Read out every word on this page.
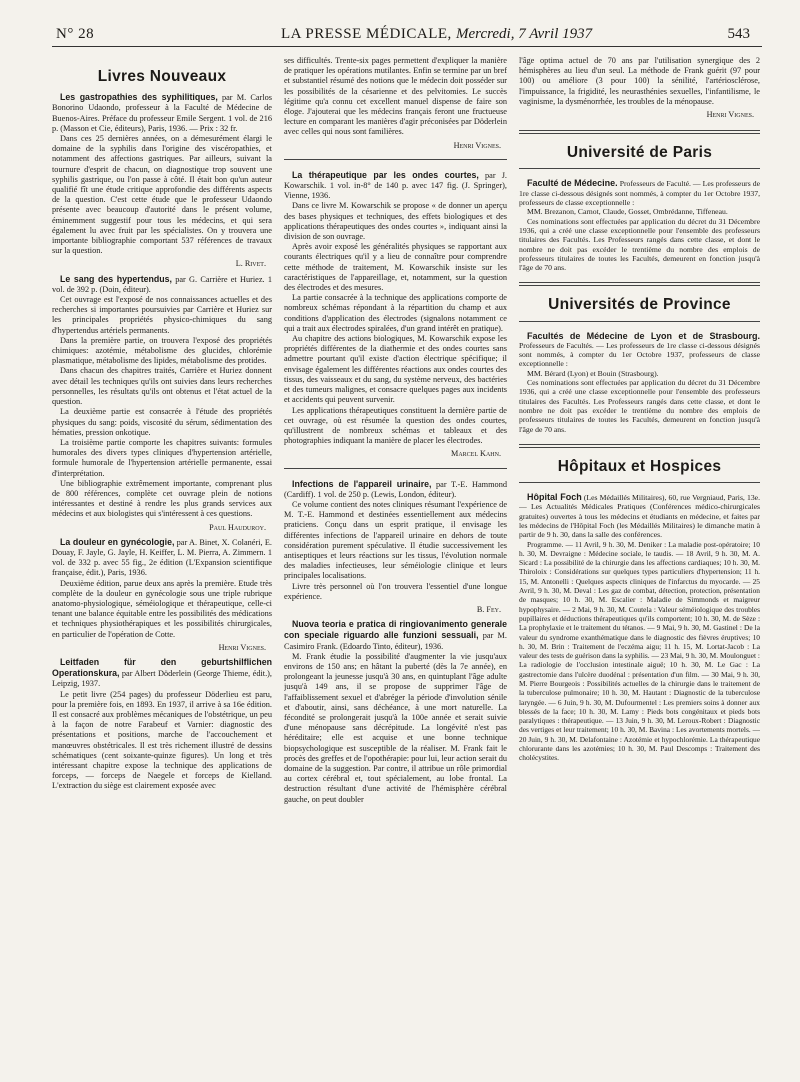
N° 28	LA PRESSE MÉDICALE, Mercredi, 7 Avril 1937	543
Livres Nouveaux

Les gastropathies des syphilitiques, par M. Carlos Bonorino Udaondo, professeur à la Faculté de Médecine de Buenos-Aires. Préface du professeur Emile Sergent. 1 vol. de 216 p. (Masson et Cie, éditeurs), Paris, 1936. — Prix : 32 fr.

Dans ces 25 dernières années, on a démesurément élargi le domaine de la syphilis dans l'origine des viscéropathies, et notamment des affections gastriques. Par ailleurs, suivant la tournure d'esprit de chacun, on diagnostique trop souvent une syphilis gastrique, ou l'on passe à côté. Il était bon qu'un auteur qualifié fît une étude critique approfondie des différents aspects de la question. C'est cette étude que le professeur Udaondo présente avec beaucoup d'autorité dans le présent volume, éminemment suggestif pour tous les médecins, et qui sera également lu avec fruit par les spécialistes. On y trouvera une importante bibliographie comportant 537 références de travaux sur la question.

L. Rivet.

Le sang des hypertendus, par G. Carrière et Huriez. 1 vol. de 392 p. (Doin, éditeur).

Cet ouvrage est l'exposé de nos connaissances actuelles et des recherches si importantes poursuivies par Carrière et Huriez sur les principales propriétés physico-chimiques du sang d'hypertendus artériels permanents.

Dans la première partie, on trouvera l'exposé des propriétés chimiques: azotémie, métabolisme des glucides, chlorémie plasmatique, métabolisme des lipides, métabolisme des protides.

Dans chacun des chapitres traités, Carrière et Huriez donnent avec détail les techniques qu'ils ont suivies dans leurs recherches personnelles, les résultats qu'ils ont obtenus et l'état actuel de la question.

La deuxième partie est consacrée à l'étude des propriétés physiques du sang: poids, viscosité du sérum, sédimentation des hématies, pression onkotique.

La troisième partie comporte les chapitres suivants: formules humorales des divers types cliniques d'hypertension artérielle, formule humorale de l'hypertension artérielle permanente, essai d'interprétation.

Une bibliographie extrêmement importante, comprenant plus de 800 références, complète cet ouvrage plein de notions intéressantes et destiné à rendre les plus grands services aux médecins et aux biologistes qui s'intéressent à ces questions.

Paul Hauduroy.

La douleur en gynécologie, par A. Binet, X. Colanéri, E. Douay, F. Jayle, G. Jayle, H. Keiffer, L. M. Pierra, A. Zimmern. 1 vol. de 332 p. avec 55 fig., 2e édition (L'Expansion scientifique française, édit.), Paris, 1936.

Deuxième édition, parue deux ans après la première. Etude très complète de la douleur en gynécologie sous une triple rubrique anatomo-physiologique, séméiologique et thérapeutique, celle-ci tenant une balance équitable entre les possibilités des médications et techniques physiothérapiques et les possibilités chirurgicales, en particulier de l'opération de Cotte.

Henri Vignes.

Leitfaden für den geburtshilflichen Operationskura, par Albert Döderlein (George Thieme, édit.), Leipzig, 1937.

Le petit livre (254 pages) du professeur Döderlieu est paru, pour la première fois, en 1893. En 1937, il arrive à sa 16e édition. Il est consacré aux problèmes mécaniques de l'obstétrique, un peu à la façon de notre Farabeuf et Varnier: diagnostic des présentations et positions, marche de l'accouchement et manœuvres obstétricales. Il est très richement illustré de dessins schématiques (cent soixante-quinze figures). Un long et très intéressant chapitre expose la technique des applications de forceps, — forceps de Naegele et forceps de Kielland. L'extraction du siège est clairement exposée avec

ses difficultés. Trente-six pages permettent d'expliquer la manière de pratiquer les opérations mutilantes. Enfin se termine par un bref et substantiel résumé des notions que le médecin doit posséder sur les possibilités de la césarienne et des pelvitomies. Le succès légitime qu'a connu cet excellent manuel dispense de faire son éloge. J'ajouterai que les médecins français feront une fructueuse lecture en comparant les manières d'agir préconisées par Döderlein avec celles qui nous sont familières.

Henri Vignes.

La thérapeutique par les ondes courtes, par J. Kowarschik. 1 vol. in-8° de 140 p. avec 147 fig. (J. Springer), Vienne, 1936.

Dans ce livre M. Kowarschik se propose « de donner un aperçu des bases physiques et techniques, des effets biologiques et des applications thérapeutiques des ondes courtes », indiquant ainsi la division de son ouvrage.

Après avoir exposé les généralités physiques se rapportant aux courants électriques qu'il y a lieu de connaître pour comprendre cette méthode de traitement, M. Kowarschik insiste sur les caractéristiques de l'appareillage, et, notamment, sur la question des électrodes et des mesures.

La partie consacrée à la technique des applications comporte de nombreux schémas répondant à la répartition du champ et aux conditions d'application des électrodes (signalons notamment ce qui a trait aux électrodes spiralées, d'un grand intérêt en pratique).

Au chapitre des actions biologiques, M. Kowarschik expose les propriétés différentes de la diathermie et des ondes courtes sans admettre pourtant qu'il existe d'action électrique spécifique; il envisage également les différentes réactions aux ondes courtes des tissus, des vaisseaux et du sang, du système nerveux, des bactéries et des tumeurs malignes, et consacre quelques pages aux incidents et accidents qui peuvent survenir.

Les applications thérapeutiques constituent la dernière partie de cet ouvrage, où est résumée la question des ondes courtes, qu'illustrent de nombreux schémas et tableaux et des photographies indiquant la manière de placer les électrodes.

Marcel Kahn.

Infections de l'appareil urinaire, par T.-E. Hammond (Cardiff). 1 vol. de 250 p. (Lewis, London, éditeur).

Ce volume contient des notes cliniques résumant l'expérience de M. T.-E. Hammond et destinées essentiellement aux médecins praticiens. Conçu dans un esprit pratique, il envisage les différentes infections de l'appareil urinaire en dehors de toute considération purement spéculative. Il étudie successivement les antiseptiques et leurs réactions sur les tissus, l'évolution normale des maladies infectieuses, leur séméiologie clinique et leurs principales localisations.

Livre très personnel où l'on trouvera l'essentiel d'une longue expérience.

B. Fey.

Nuova teoria e pratica di ringiovanimento generale con speciale riguardo alle funzioni sessuali, par M. Casimiro Frank. (Edoardo Tinto, éditeur), 1936.

M. Frank étudie la possibilité d'augmenter la vie jusqu'aux environs de 150 ans; en hâtant la puberté (dès la 7e année), en prolongeant la jeunesse jusqu'à 30 ans, en quintuplant l'âge adulte jusqu'à 149 ans, il se propose de supprimer l'âge de l'affaiblissement sexuel et d'abréger la période d'involution sénile et d'aboutir, ainsi, sans déchéance, à une mort naturelle. La fécondité se prolongerait jusqu'à la 100e année et serait suivie d'une ménopause sans décrépitude. La longévité n'est pas héréditaire; elle est acquise et une bonne technique biopsychologique est susceptible de la réaliser. M. Frank fait le procès des greffes et de l'opothérapie: pour lui, leur action serait du domaine de la suggestion. Par contre, il attribue un rôle primordial au cortex cérébral et, tout spécialement, au lobe frontal. La destruction résultant d'une activité de l'hémisphère cérébral gauche, on peut doubler

l'âge optima actuel de 70 ans par l'utilisation synergique des 2 hémisphères au lieu d'un seul. La méthode de Frank guérit (97 pour 100) ou améliore (3 pour 100) la sénilité, l'artériosclérose, l'impuissance, la frigidité, les neurasthénies sexuelles, l'infantilisme, le vaginisme, la dysménorrhée, les troubles de la ménopause.

Henri Vignes.
Université de Paris

Faculté de Médecine. Professeurs de Faculté. — Les professeurs de 1re classe ci-dessous désignés sont nommés, à compter du 1er Octobre 1937, professeurs de classe exceptionnelle :

MM. Brezanon, Carnot, Claude, Gosset, Ombrédanne, Tiffeneau.

Ces nominations sont effectuées par application du décret du 31 Décembre 1936, qui a créé une classe exceptionnelle pour l'ensemble des professeurs titulaires des Facultés. Les Professeurs rangés dans cette classe, et dont le nombre ne doit pas excéder le trentième du nombre des emplois de professeurs titulaires de toutes les Facultés, demeurent en fonction jusqu'à l'âge de 70 ans.

Universités de Province

Facultés de Médecine de Lyon et de Strasbourg. Professeurs de Facultés. — Les professeurs de 1re classe ci-dessous désignés sont nommés, à compter du 1er Octobre 1937, professeurs de classe exceptionnelle :

MM. Bérard (Lyon) et Bouin (Strasbourg).

Ces nominations sont effectuées par application du décret du 31 Décembre 1936, qui a créé une classe exceptionnelle pour l'ensemble des professeurs titulaires des Facultés. Les Professeurs rangés dans cette classe, et dont le nombre ne doit pas excéder le trentième du nombre des emplois de professeurs titulaires de toutes les Facultés, demeurent en fonction jusqu'à l'âge de 70 ans.

Hôpitaux et Hospices

Hôpital Foch (Les Médaillés Militaires), 60, rue Vergniaud, Paris, 13e. — Les Actualités Médicales Pratiques (Conférences médico-chirurgicales gratuites) ouvertes à tous les médecins et étudiants en médecine, et faites par les médecins de l'Hôpital Foch (les Médaillés Militaires) le dimanche matin à partir de 9 h. 30, dans la salle des conférences.

Programme. — 11 Avril, 9 h. 30, M. Deniker : La maladie post-opératoire; 10 h. 30, M. Devraigne : Médecine sociale, le taudis. — 18 Avril, 9 h. 30, M. A. Sicard : La possibilité de la chirurgie dans les affections cardiaques; 10 h. 30, M. Thiroloix : Considérations sur quelques types particuliers d'hypertension; 11 h. 15, M. Antonelli : Quelques aspects cliniques de l'infarctus du myocarde. — 25 Avril, 9 h. 30, M. Deval : Les gaz de combat, détection, protection, présentation de masques; 10 h. 30, M. Escalier : Maladie de Simmonds et maigreur hypophysaire. — 2 Mai, 9 h. 30, M. Coutela : Valeur séméiologique des troubles pupillaires et déductions thérapeutiques qu'ils comportent; 10 h. 30, M. de Sèze : La prophylaxie et le traitement du tétanos. — 9 Mai, 9 h. 30, M. Gastinel : De la valeur du syndrome exanthématique dans le diagnostic des fièvres éruptives; 10 h. 30, M. Brin : Traitement de l'eczéma aigu; 11 h. 15, M. Lortat-Jacob : La valeur des tests de guérison dans la syphilis. — 23 Mai, 9 h. 30, M. Moulonguet : La radiologie de l'occlusion intestinale aiguë; 10 h. 30, M. Le Gac : La gastrectomie dans l'ulcère duodénal : présentation d'un film. — 30 Mai, 9 h. 30, M. Pierre Bourgeois : Possibilités actuelles de la chirurgie dans le traitement de la tuberculose pulmonaire; 10 h. 30, M. Hautant : Diagnostic de la tuberculose laryngée. — 6 Juin, 9 h. 30, M. Dufourmentel : Les premiers soins à donner aux blessés de la face; 10 h. 30, M. Lamy : Pieds bots congénitaux et pieds bots paralytiques : thérapeutique. — 13 Juin, 9 h. 30, M. Leroux-Robert : Diagnostic des vertiges et leur traitement; 10 h. 30, M. Bavina : Les avortements mortels. — 20 Juin, 9 h. 30, M. Delafontaine : Azotémie et hypochlorémie. La thérapeutique chlorurante dans les azotémies; 10 h. 30, M. Paul Descomps : Traitement des cholécystites.
